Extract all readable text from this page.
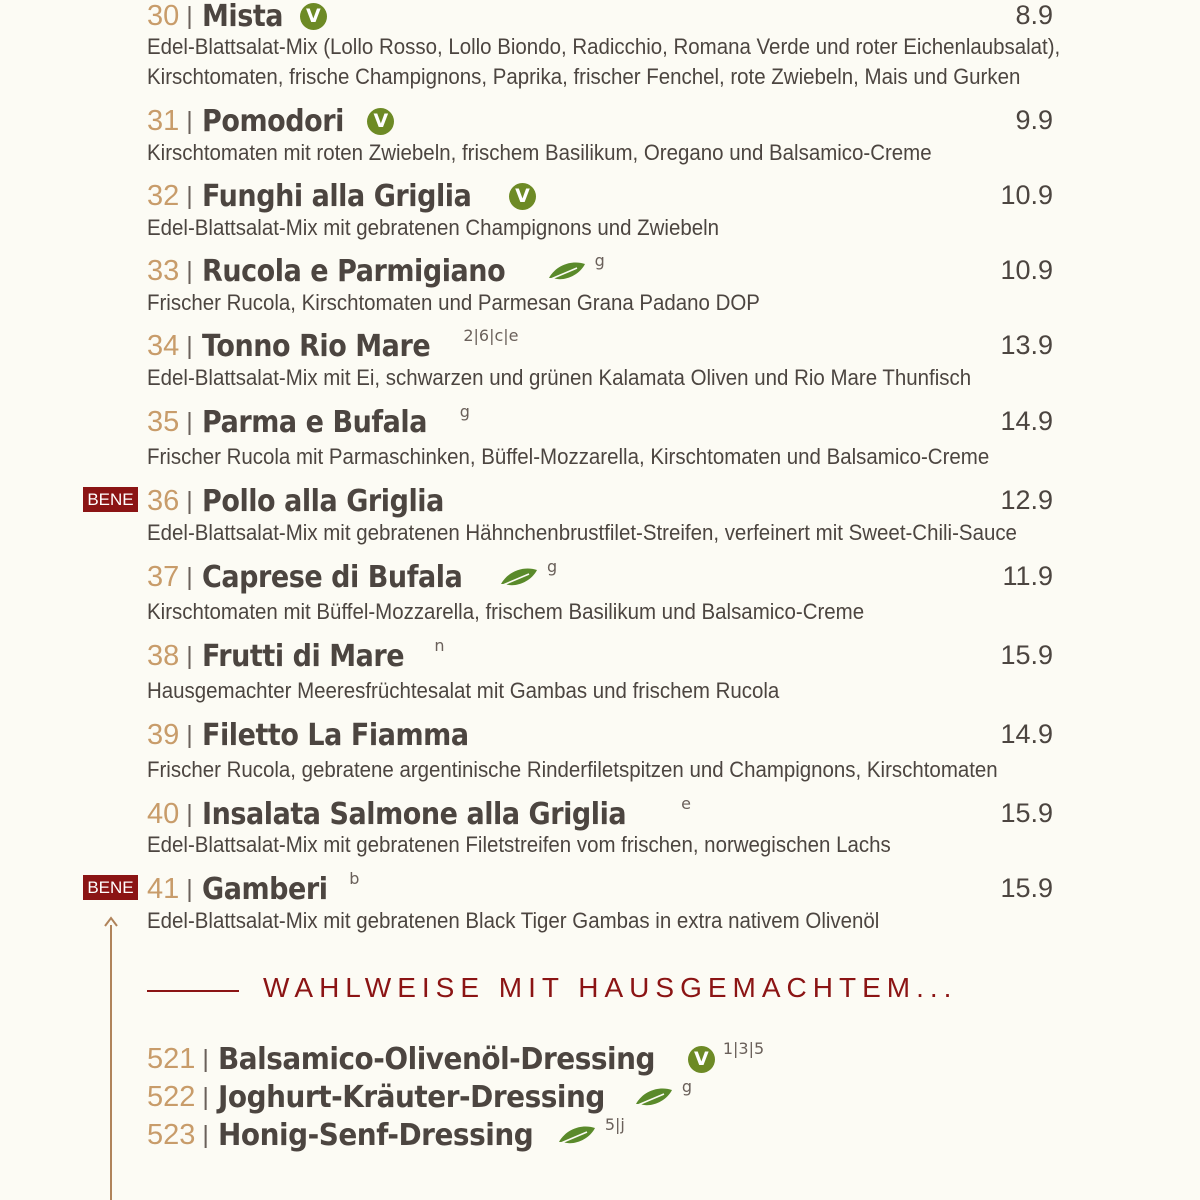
30 | Mista	V	8.9
Edel-Blattsalat-Mix (Lollo Rosso, Lollo Biondo, Radicchio, Romana Verde und roter Eichenlaubsalat),
Kirschtomaten, frische Champignons, Paprika, frischer Fenchel, rote Zwiebeln, Mais und Gurken
31 | Pomodori	V	9.9
Kirschtomaten mit roten Zwiebeln, frischem Basilikum, Oregano und Balsamico-Creme
32 | Funghi alla Griglia	V	10.9
Edel-Blattsalat-Mix mit gebratenen Champignons und Zwiebeln
33 | Rucola e Parmigiano	g	10.9
Frischer Rucola, Kirschtomaten und Parmesan Grana Padano DOP
34 | Tonno Rio Mare 2|6|c|e	13.9
Edel-Blattsalat-Mix mit Ei, schwarzen und grünen Kalamata Oliven und Rio Mare Thunfisch
35 | Parma e Bufala g	14.9
Frischer Rucola mit Parmaschinken, Büffel-Mozzarella, Kirschtomaten und Balsamico-Creme
BENE 36 | Pollo alla Griglia	12.9
Edel-Blattsalat-Mix mit gebratenen Hähnchenbrustfilet-Streifen, verfeinert mit Sweet-Chili-Sauce
37 | Caprese di Bufala	g	11.9
Kirschtomaten mit Büffel-Mozzarella, frischem Basilikum und Balsamico-Creme
38 | Frutti di Mare n	15.9
Hausgemachter Meeresfrüchtesalat mit Gambas und frischem Rucola
39 | Filetto La Fiamma	14.9
Frischer Rucola, gebratene argentinische Rinderfiletspitzen und Champignons, Kirschtomaten
40 | Insalata Salmone alla Griglia	e	15.9
Edel-Blattsalat-Mix mit gebratenen Filetstreifen vom frischen, norwegischen Lachs
BENE 41 | Gamberi b	15.9
Edel-Blattsalat-Mix mit gebratenen Black Tiger Gambas in extra nativem Olivenöl
WAHLWEISE MIT HAUSGEMACHTEM...
521 | Balsamico-Olivenöl-Dressing	V 1|3|5
522 | Joghurt-Kräuter-Dressing	g
523 | Honig-Senf-Dressing	5|j
